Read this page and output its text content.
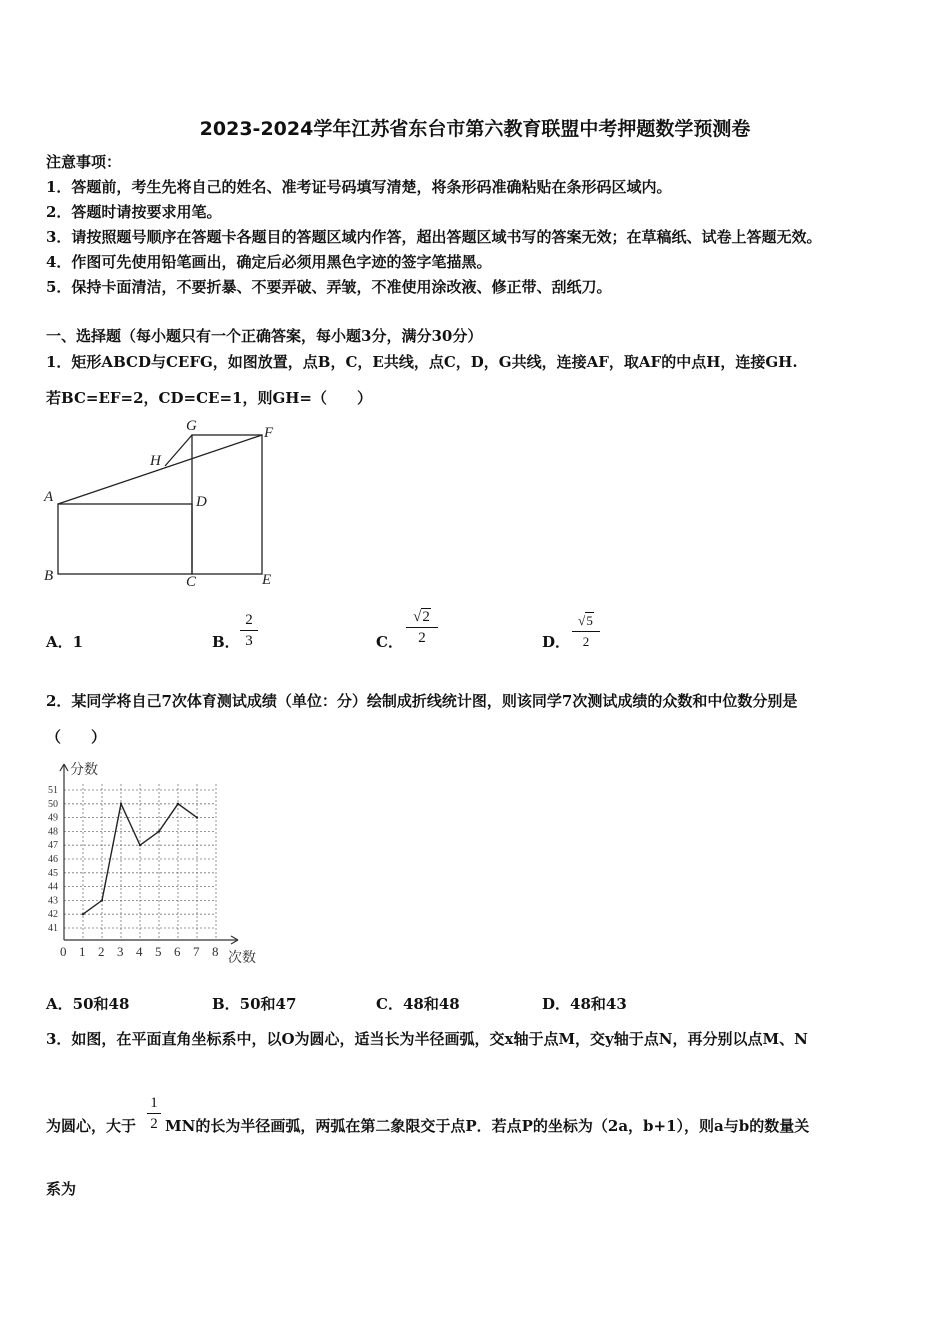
2023-2024学年江苏省东台市第六教育联盟中考押题数学预测卷
注意事项：
1．答题前，考生先将自己的姓名、准考证号码填写清楚，将条形码准确粘贴在条形码区域内。
2．答题时请按要求用笔。
3．请按照题号顺序在答题卡各题目的答题区域内作答，超出答题区域书写的答案无效；在草稿纸、试卷上答题无效。
4．作图可先使用铅笔画出，确定后必须用黑色字迹的签字笔描黑。
5．保持卡面清洁，不要折暴、不要弄破、弄皱，不准使用涂改液、修正带、刮纸刀。
一、选择题（每小题只有一个正确答案，每小题3分，满分30分）
1．矩形ABCD与CEFG，如图放置，点B，C，E共线，点C，D，G共线，连接AF，取AF的中点H，连接GH.
若BC=EF=2，CD=CE=1，则GH=（　　）
A
B	C
D
E
F
G
H
A．1	B．
2
3	C．
√2
2	D．
√5
2
2．某同学将自己7次体育测试成绩（单位：分）绘制成折线统计图，则该同学7次测试成绩的众数和中位数分别是
（　　）
0 1 2 3 4 5 6 7 8
41
42
43
44
45
46
47
48
49
50
51
分数
次数
A．50和48	B．50和47	C．48和48	D．48和43
3．如图，在平面直角坐标系中，以O为圆心，适当长为半径画弧，交x轴于点M，交y轴于点N，再分别以点M、N
为圆心，大于
1
2 MN的长为半径画弧，两弧在第二象限交于点P．若点P的坐标为（2a，b+1），则a与b的数量关
系为
